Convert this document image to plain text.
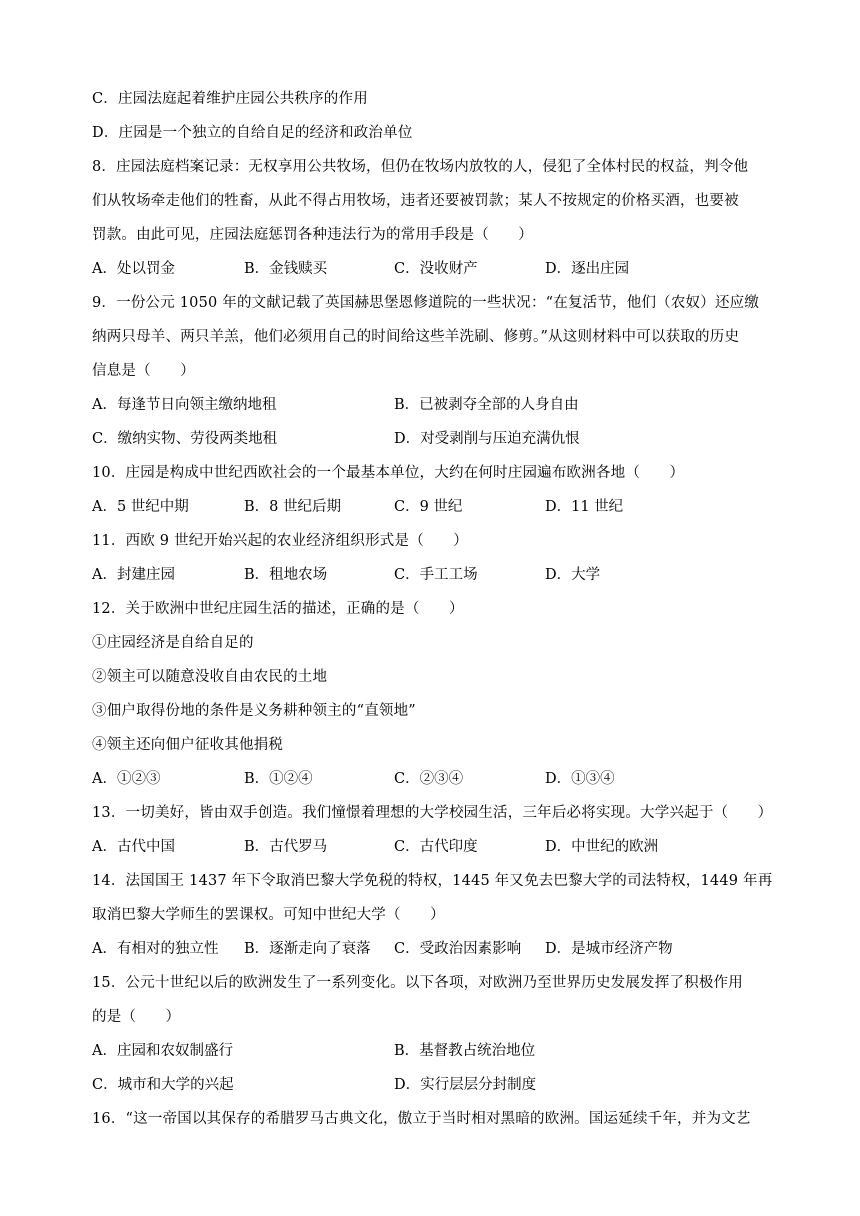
C．庄园法庭起着维护庄园公共秩序的作用
D．庄园是一个独立的自给自足的经济和政治单位
8．庄园法庭档案记录：无权享用公共牧场，但仍在牧场内放牧的人，侵犯了全体村民的权益，判令他
们从牧场牵走他们的牲畜，从此不得占用牧场，违者还要被罚款；某人不按规定的价格买酒，也要被
罚款。由此可见，庄园法庭惩罚各种违法行为的常用手段是（　　）
A．处以罚金	B．金钱赎买	C．没收财产	D．逐出庄园
9．一份公元 1050 年的文献记载了英国赫思堡恩修道院的一些状况：“在复活节，他们（农奴）还应缴
纳两只母羊、两只羊羔，他们必须用自己的时间给这些羊洗刷、修剪。”从这则材料中可以获取的历史
信息是（　　）
A．每逢节日向领主缴纳地租	B．已被剥夺全部的人身自由
C．缴纳实物、劳役两类地租	D．对受剥削与压迫充满仇恨
10．庄园是构成中世纪西欧社会的一个最基本单位，大约在何时庄园遍布欧洲各地（　　）
A．5 世纪中期	B．8 世纪后期	C．9 世纪	D．11 世纪
11．西欧 9 世纪开始兴起的农业经济组织形式是（　　）
A．封建庄园	B．租地农场	C．手工工场	D．大学
12．关于欧洲中世纪庄园生活的描述，正确的是（　　）
①庄园经济是自给自足的
②领主可以随意没收自由农民的土地
③佃户取得份地的条件是义务耕种领主的“直领地”
④领主还向佃户征收其他捐税
A．①②③	B．①②④	C．②③④	D．①③④
13．一切美好，皆由双手创造。我们憧憬着理想的大学校园生活，三年后必将实现。大学兴起于（　　）
A．古代中国	B．古代罗马	C．古代印度	D．中世纪的欧洲
14．法国国王 1437 年下令取消巴黎大学免税的特权，1445 年又免去巴黎大学的司法特权，1449 年再
取消巴黎大学师生的罢课权。可知中世纪大学（　　）
A．有相对的独立性 B．逐渐走向了衰落 C．受政治因素影响 D．是城市经济产物
15．公元十世纪以后的欧洲发生了一系列变化。以下各项，对欧洲乃至世界历史发展发挥了积极作用
的是（　　）
A．庄园和农奴制盛行	B．基督教占统治地位
C．城市和大学的兴起	D．实行层层分封制度
16．“这一帝国以其保存的希腊罗马古典文化，傲立于当时相对黑暗的欧洲。国运延续千年，并为文艺
